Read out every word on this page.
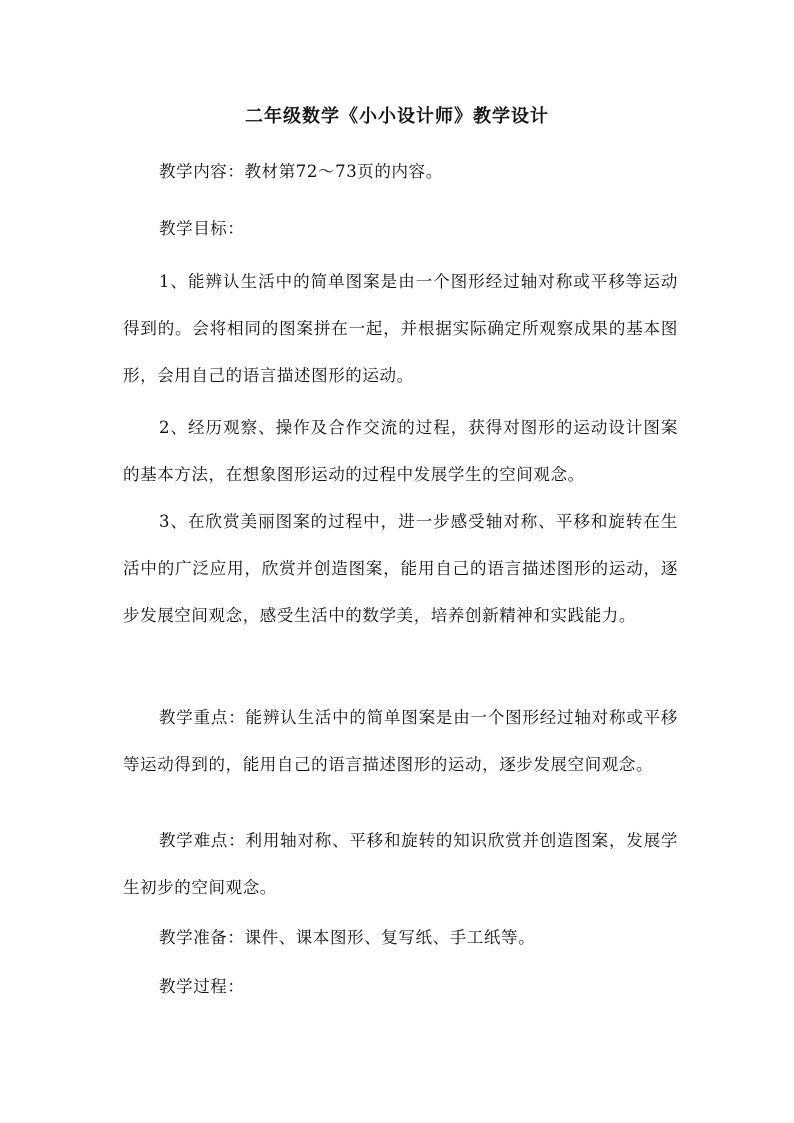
二年级数学《小小设计师》教学设计
教学内容：教材第72～73页的内容。
教学目标：
1、能辨认生活中的简单图案是由一个图形经过轴对称或平移等运动得到的。会将相同的图案拼在一起，并根据实际确定所观察成果的基本图形，会用自己的语言描述图形的运动。
2、经历观察、操作及合作交流的过程，获得对图形的运动设计图案的基本方法，在想象图形运动的过程中发展学生的空间观念。
3、在欣赏美丽图案的过程中，进一步感受轴对称、平移和旋转在生活中的广泛应用，欣赏并创造图案，能用自己的语言描述图形的运动，逐步发展空间观念，感受生活中的数学美，培养创新精神和实践能力。
教学重点：能辨认生活中的简单图案是由一个图形经过轴对称或平移等运动得到的，能用自己的语言描述图形的运动，逐步发展空间观念。
教学难点：利用轴对称、平移和旋转的知识欣赏并创造图案，发展学生初步的空间观念。
教学准备：课件、课本图形、复写纸、手工纸等。
教学过程：
